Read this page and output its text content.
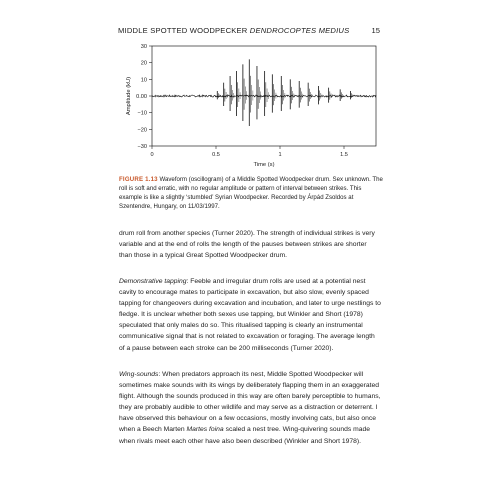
MIDDLE SPOTTED WOODPECKER DENDROCOPTES MEDIUS	15
30
20
10
0.00
−10
−20
−30
0	0.5	1	1.5
Time (s)
Amplitude (kU)
FIGURE 1.13 Waveform (oscillogram) of a Middle Spotted Woodpecker drum. Sex unknown. The roll is soft and erratic, with no regular amplitude or pattern of interval between strikes. This example is like a slightly ‘stumbled’ Syrian Woodpecker. Recorded by Árpád Zsoldos at Szentendre, Hungary, on 11/03/1997.

drum roll from another species (Turner 2020). The strength of individual strikes is very variable and at the end of rolls the length of the pauses between strikes are shorter than those in a typical Great Spotted Woodpecker drum.

Demonstrative tapping: Feeble and irregular drum rolls are used at a potential nest cavity to encourage mates to participate in excavation, but also slow, evenly spaced tapping for changeovers during excavation and incubation, and later to urge nestlings to fledge. It is unclear whether both sexes use tapping, but Winkler and Short (1978) speculated that only males do so. This ritualised tapping is clearly an instrumental communicative signal that is not related to excavation or foraging. The average length of a pause between each stroke can be 200 milliseconds (Turner 2020).

Wing-sounds: When predators approach its nest, Middle Spotted Woodpecker will sometimes make sounds with its wings by deliberately flapping them in an exaggerated flight. Although the sounds produced in this way are often barely perceptible to humans, they are probably audible to other wildlife and may serve as a distraction or deterrent. I have observed this behaviour on a few occasions, mostly involving cats, but also once when a Beech Marten Martes foina scaled a nest tree. Wing-quivering sounds made when rivals meet each other have also been described (Winkler and Short 1978).
